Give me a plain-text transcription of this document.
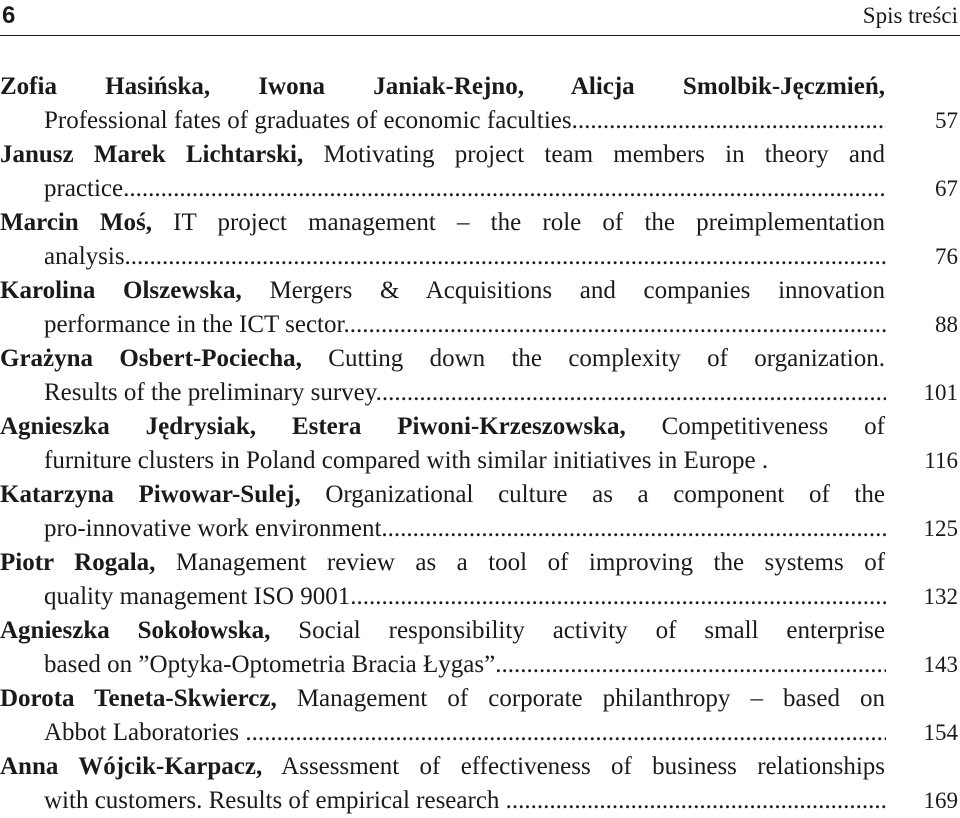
6	Spis treści
Zofia Hasińska, Iwona Janiak-Rejno, Alicja Smolbik-Jęczmień,
Professional fates of graduates of economic faculties .....	57
Janusz Marek Lichtarski, Motivating project team members in theory and
practice .....	67
Marcin Moś, IT project management – the role of the preimplementation
analysis .....	76
Karolina Olszewska, Mergers & Acquisitions and companies innovation
performance in the ICT sector .....	88
Grażyna Osbert-Pociecha, Cutting down the complexity of organization.
Results of the preliminary survey .....	101
Agnieszka Jędrysiak, Estera Piwoni-Krzeszowska, Competitiveness of
furniture clusters in Poland compared with similar initiatives in Europe .	116
Katarzyna Piwowar-Sulej, Organizational culture as a component of the
pro-innovative work environment .....	125
Piotr Rogala, Management review as a tool of improving the systems of
quality management ISO 9001 .....	132
Agnieszka Sokołowska, Social responsibility activity of small enterprise
based on ”Optyka-Optometria Bracia Łygas” .....	143
Dorota Teneta-Skwiercz, Management of corporate philanthropy – based on
Abbot Laboratories .....	154
Anna Wójcik-Karpacz, Assessment of effectiveness of business relationships
with customers. Results of empirical research .....	169
